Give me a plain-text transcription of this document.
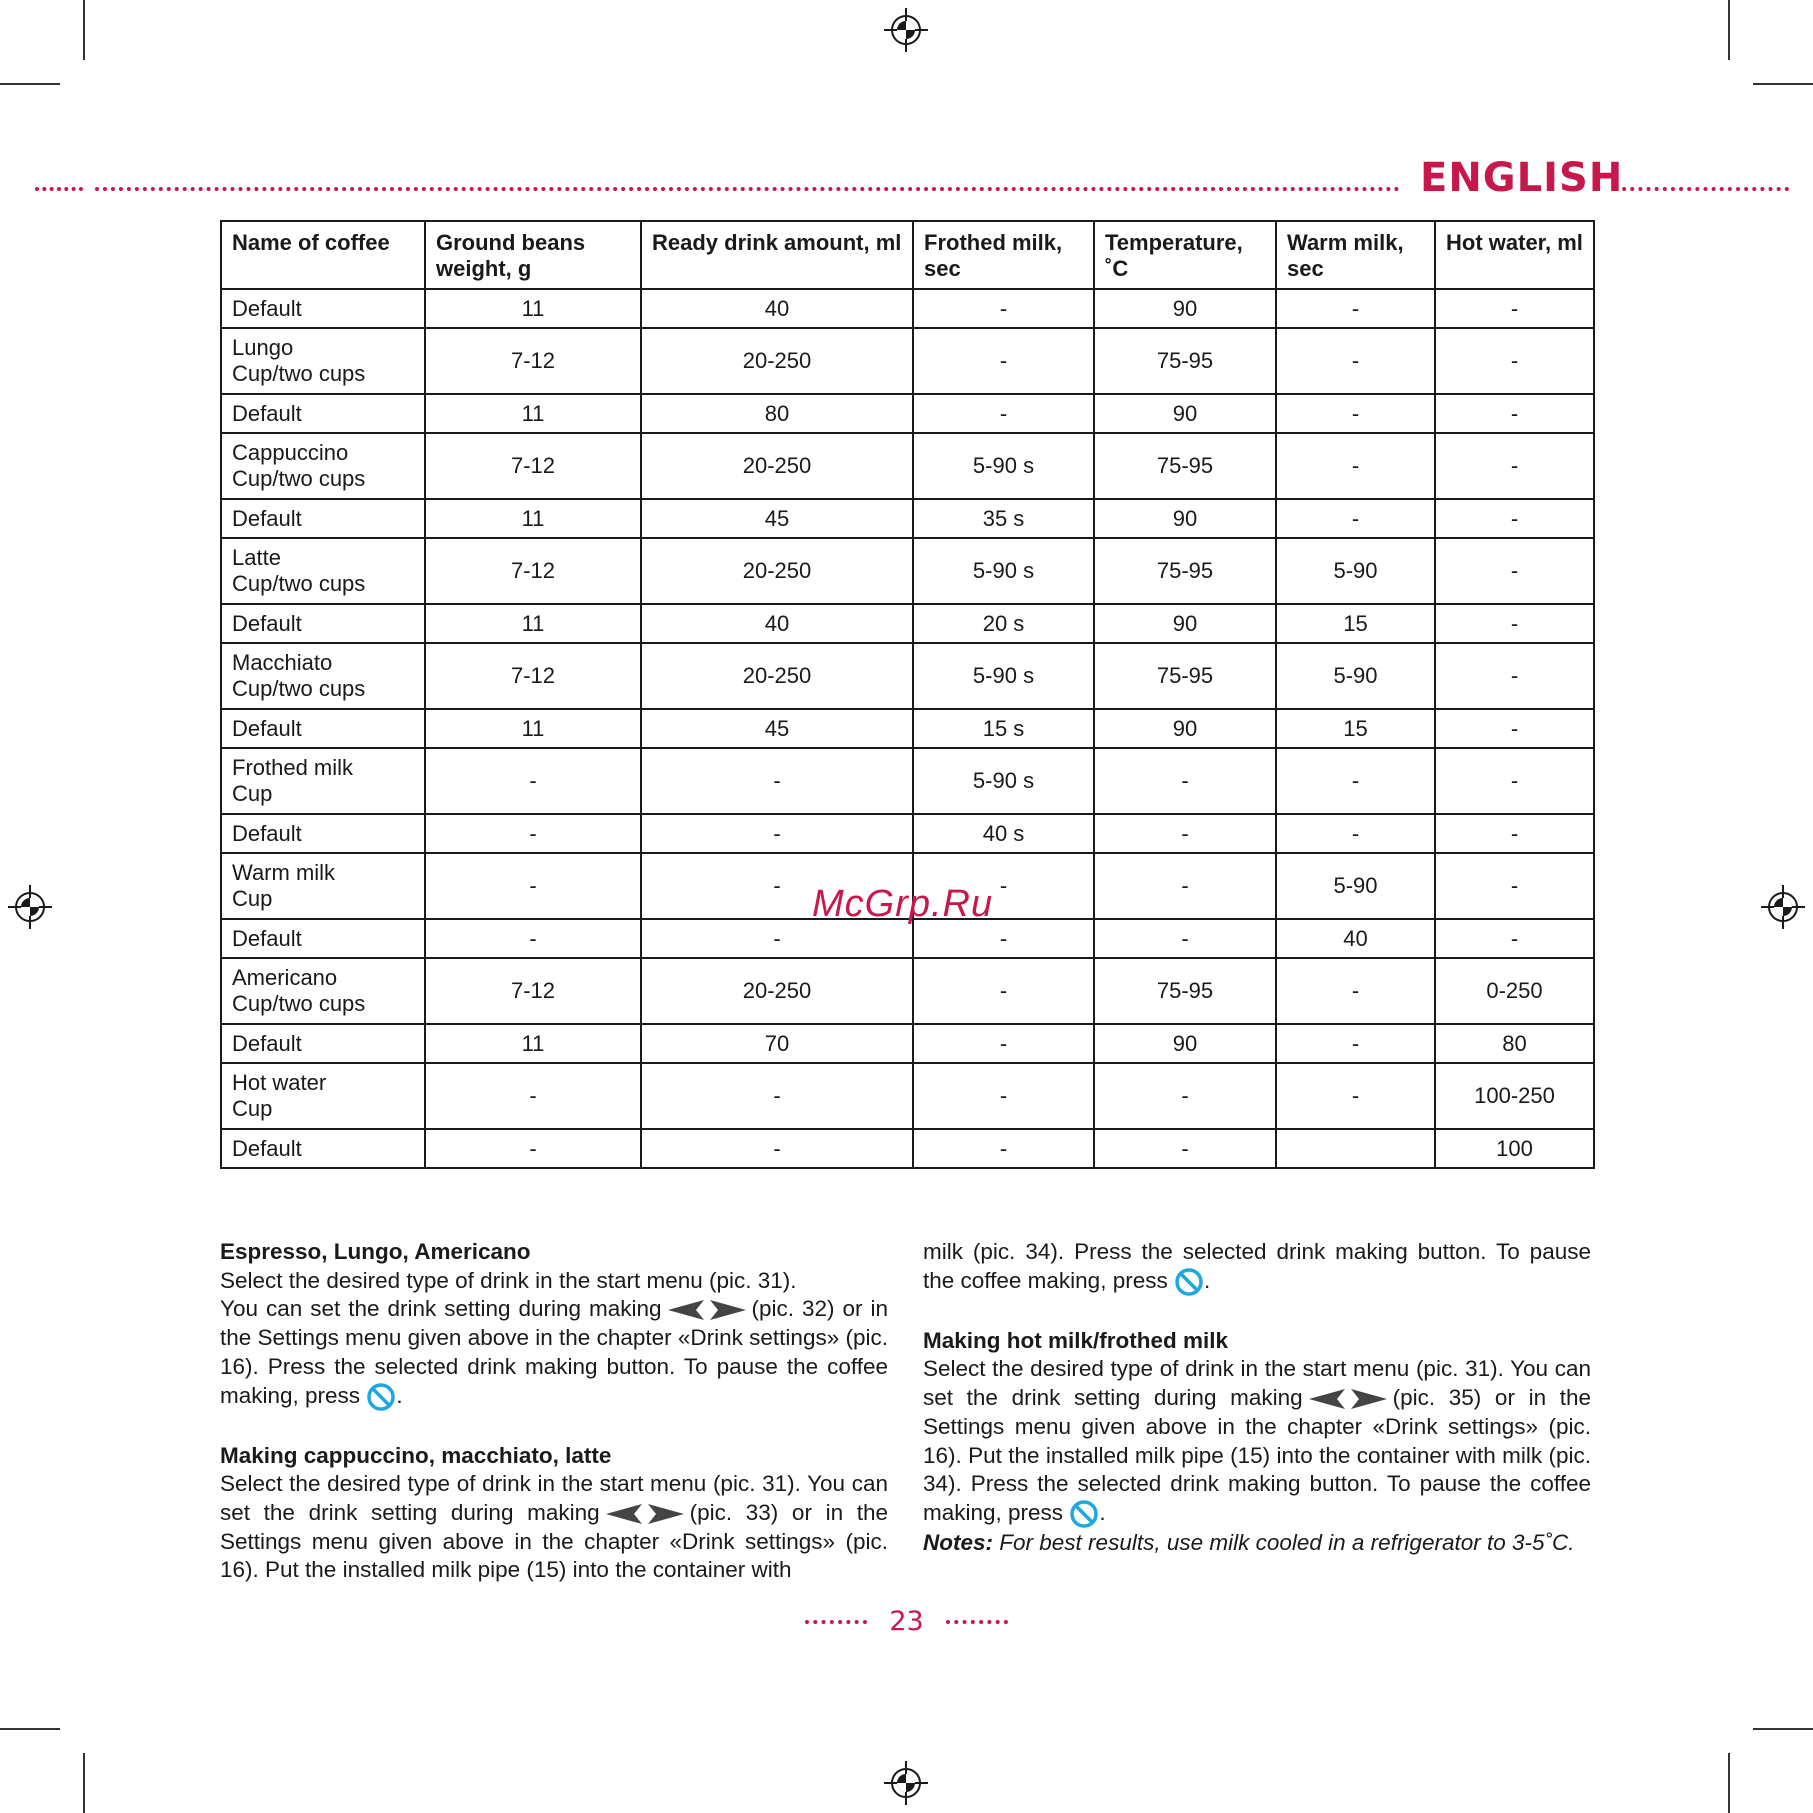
ENGLISH
Name of coffee	Ground beans weight, g	Ready drink amount, ml	Frothed milk, sec	Temperature, ˚C	Warm milk, sec	Hot water, ml

Default	11	40	-	90	-	-

Lungo
Cup/two cups	7-12	20-250	-	75-95	-	-

Default	11	80	-	90	-	-

Cappuccino
Cup/two cups	7-12	20-250	5-90 s	75-95	-	-

Default	11	45	35 s	90	-	-

Latte
Cup/two cups	7-12	20-250	5-90 s	75-95	5-90	-

Default	11	40	20 s	90	15	-

Macchiato
Cup/two cups	7-12	20-250	5-90 s	75-95	5-90	-

Default	11	45	15 s	90	15	-

Frothed milk
Cup	-	-	5-90 s	-	-	-

Default	-	-	40 s	-	-	-

Warm milk
Cup	-	-	-	-	5-90	-

Default	-	-	-	-	40	-

Americano
Cup/two cups	7-12	20-250	-	75-95	-	0-250

Default	11	70	-	90	-	80

Hot water
Cup	-	-	-	-	-	100-250

Default	-	-	-	-		100
McGrp.Ru

Espresso, Lungo, Americano

Select the desired type of drink in the start menu (pic. 31).

You can set the drink setting during making	(pic. 32) or in the Settings menu given above in the chapter «Drink settings» (pic. 16). Press the selected drink making button. To pause the coffee making, press .

Making cappuccino, macchiato, latte

Select the desired type of drink in the start menu (pic. 31). You can set the drink setting during making	(pic. 33) or in the Settings menu given above in the chapter «Drink settings» (pic. 16). Put the installed milk pipe (15) into the container with

milk (pic. 34). Press the selected drink making button. To pause the coffee making, press .

Making hot milk/frothed milk

Select the desired type of drink in the start menu (pic. 31). You can set the drink setting during making	(pic. 35) or in the Settings menu given above in the chapter «Drink settings» (pic. 16). Put the installed milk pipe (15) into the container with milk (pic. 34). Press the selected drink making button. To pause the coffee making, press .

Notes: For best results, use milk cooled in a refrigerator to 3-5˚C.

23
